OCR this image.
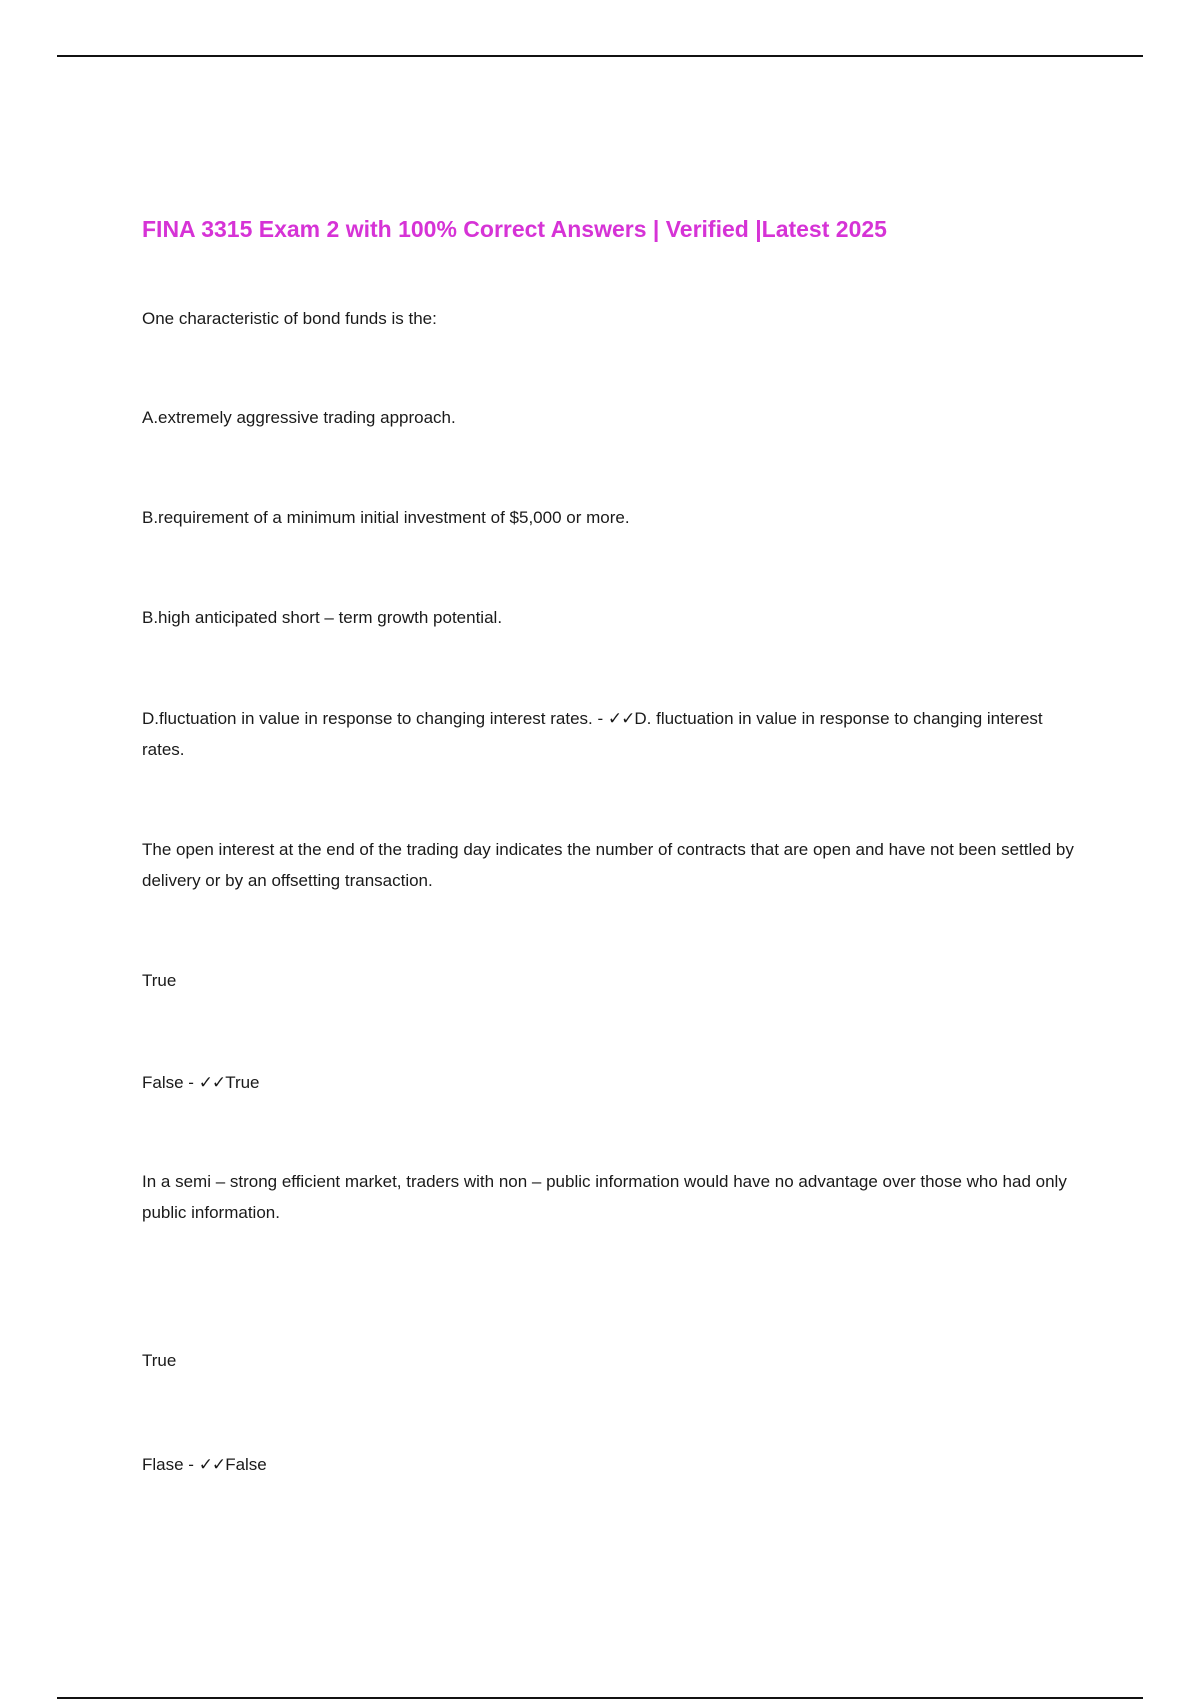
FINA 3315 Exam 2 with 100% Correct Answers | Verified |Latest 2025

One characteristic of bond funds is the:

A.extremely aggressive trading approach.

B.requirement of a minimum initial investment of $5,000 or more.

B.high anticipated short – term growth potential.

D.fluctuation in value in response to changing interest rates. - ✓✓D. fluctuation in value in response to changing interest rates.

The open interest at the end of the trading day indicates the number of contracts that are open and have not been settled by delivery or by an offsetting transaction.

True

False - ✓✓True

In a semi – strong efficient market, traders with non – public information would have no advantage over those who had only public information.

True

Flase - ✓✓False
